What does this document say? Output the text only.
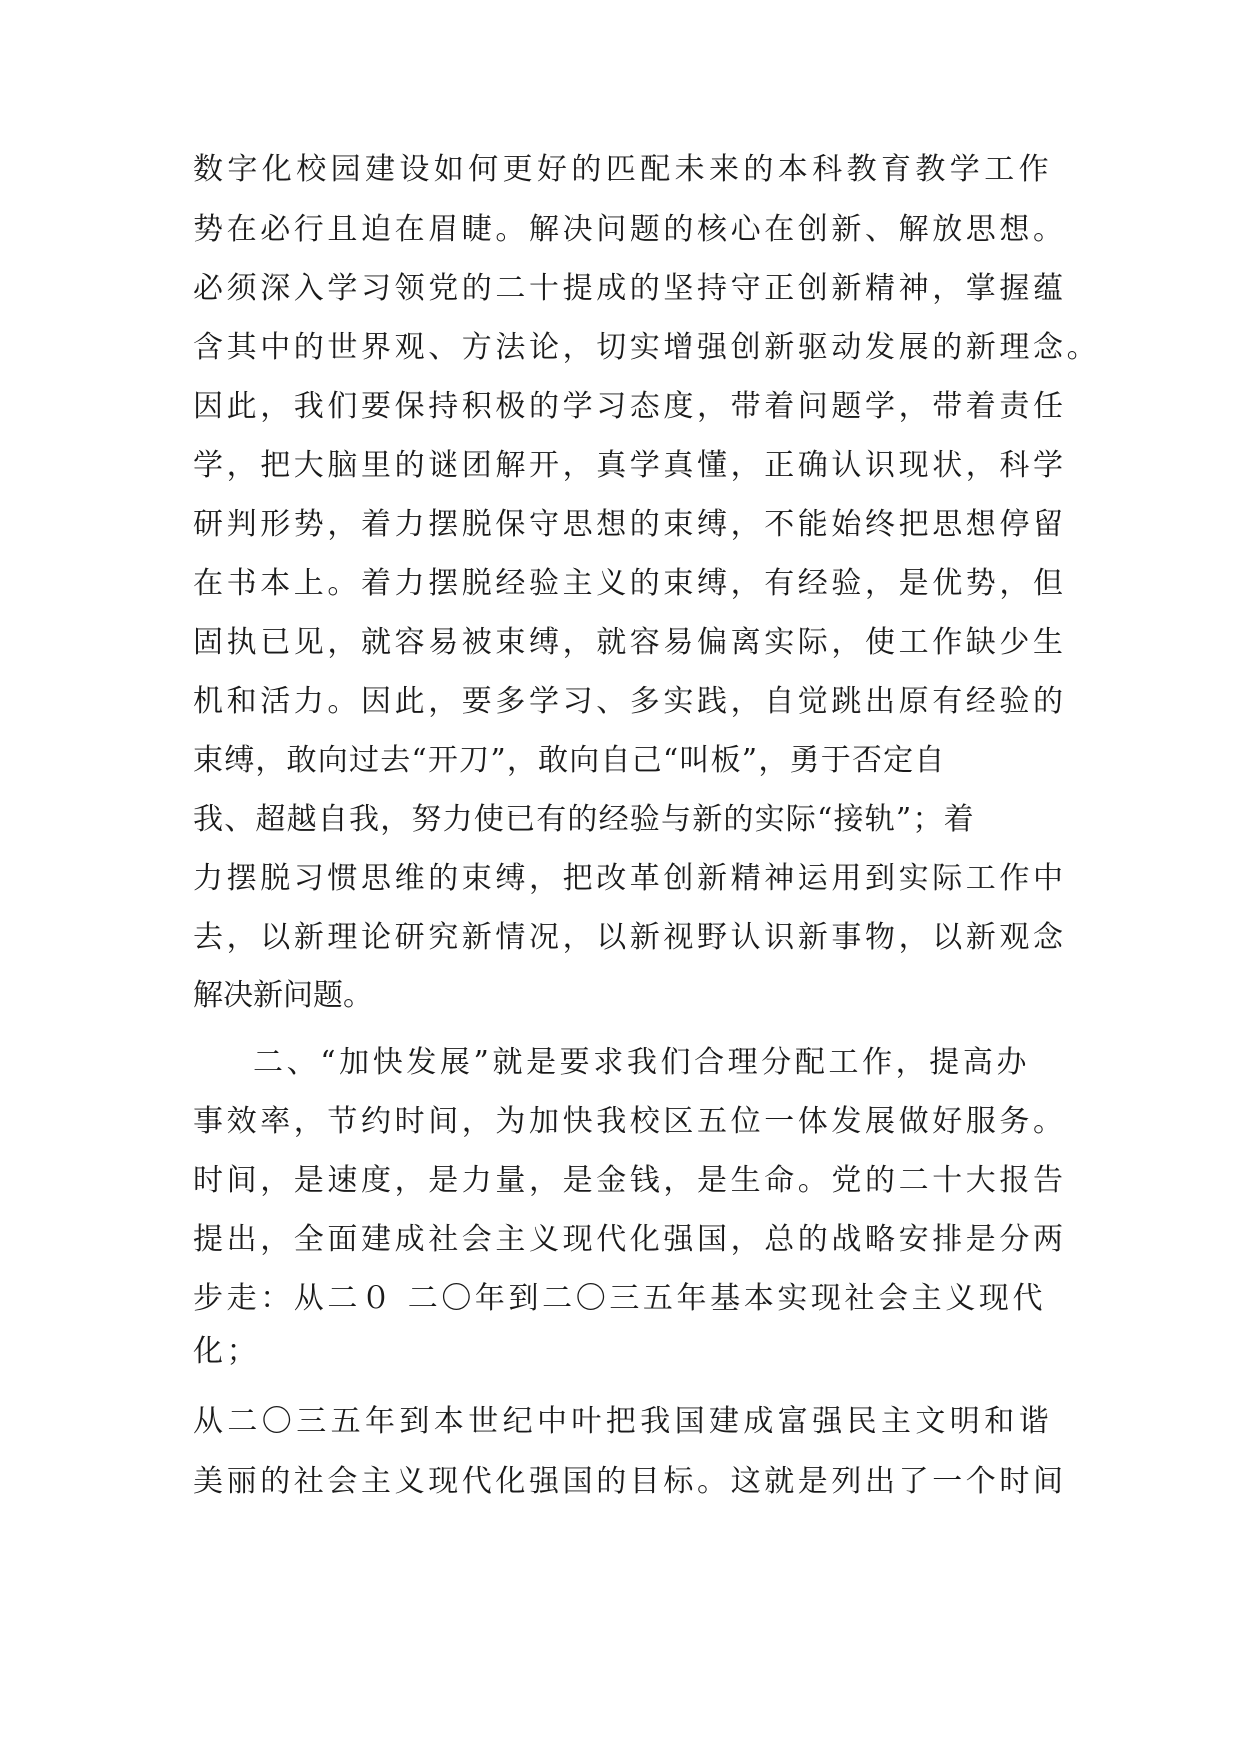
数字化校园建设如何更好的匹配未来的本科教育教学工作
势在必行且迫在眉睫。解决问题的核心在创新、解放思想。
必须深入学习领党的二十提成的坚持守正创新精神，掌握蕴
含其中的世界观、方法论，切实增强创新驱动发展的新理念。
因此，我们要保持积极的学习态度，带着问题学，带着责任
学，把大脑里的谜团解开，真学真懂，正确认识现状，科学
研判形势，着力摆脱保守思想的束缚，不能始终把思想停留
在书本上。着力摆脱经验主义的束缚，有经验，是优势，但
固执已见，就容易被束缚，就容易偏离实际，使工作缺少生
机和活力。因此，要多学习、多实践，自觉跳出原有经验的
束缚，敢向过去“开刀”，敢向自己“叫板”，勇于否定自
我、超越自我，努力使已有的经验与新的实际“接轨”；着
力摆脱习惯思维的束缚，把改革创新精神运用到实际工作中
去，以新理论研究新情况，以新视野认识新事物，以新观念
解决新问题。
二、“加快发展”就是要求我们合理分配工作，提高办
事效率，节约时间，为加快我校区五位一体发展做好服务。
时间，是速度，是力量，是金钱，是生命。党的二十大报告
提出，全面建成社会主义现代化强国，总的战略安排是分两
步走：从二０ 二〇年到二〇三五年基本实现社会主义现代
化；
从二〇三五年到本世纪中叶把我国建成富强民主文明和谐
美丽的社会主义现代化强国的目标。这就是列出了一个时间
